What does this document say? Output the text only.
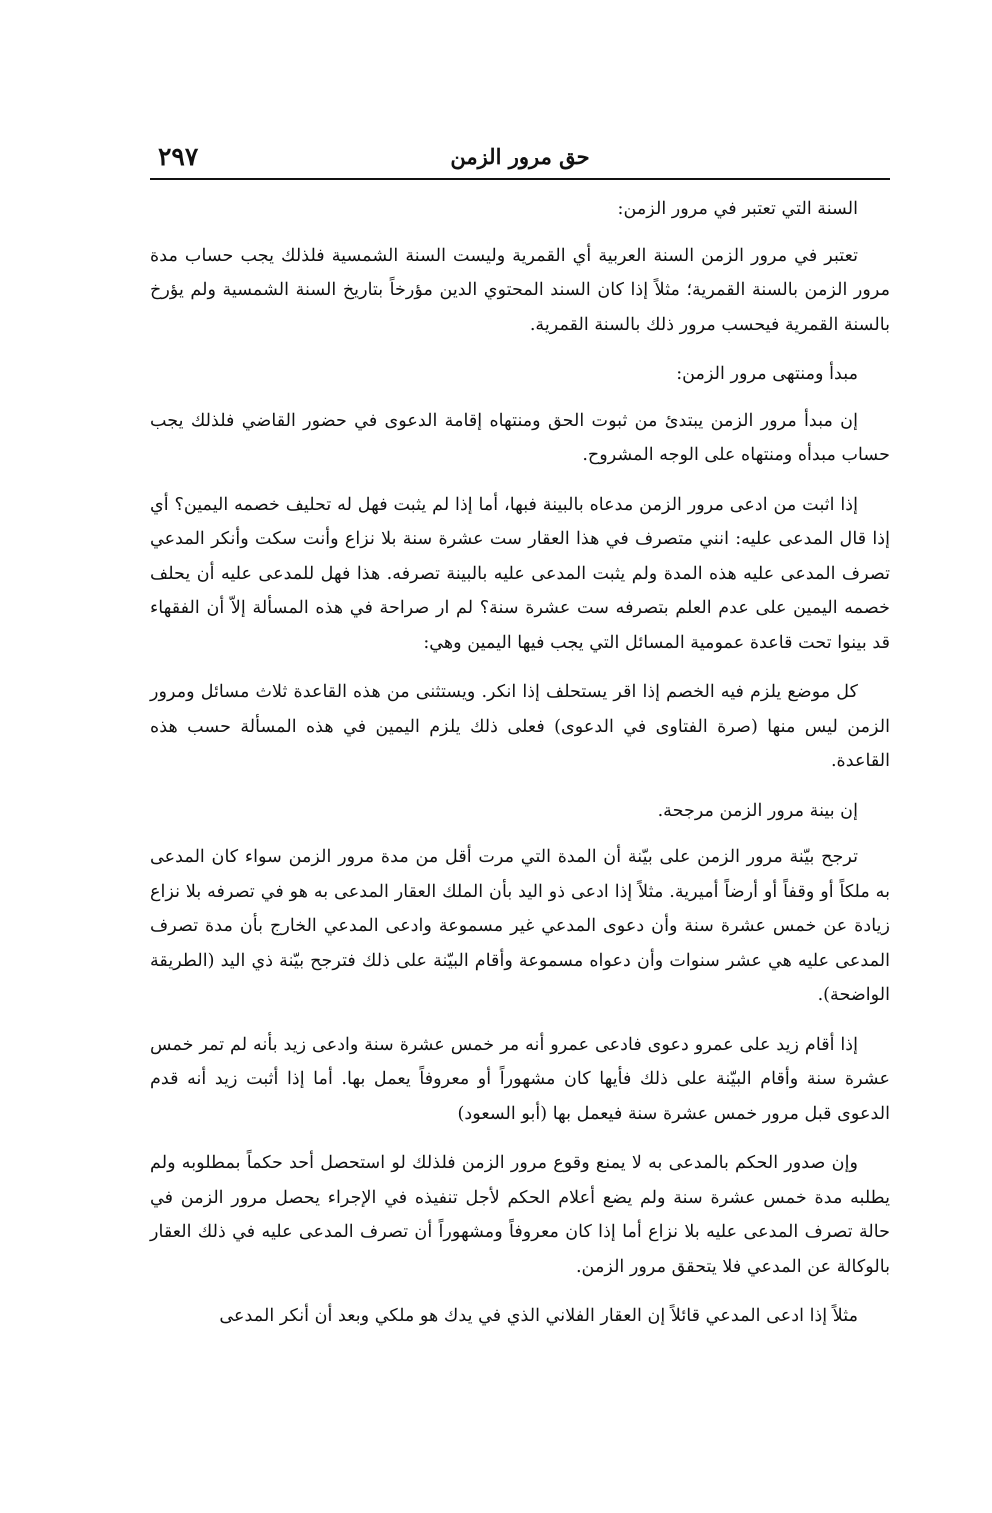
٢٩٧	حق مرور الزمن

السنة التي تعتبر في مرور الزمن:

تعتبر في مرور الزمن السنة العربية أي القمرية وليست السنة الشمسية فلذلك يجب حساب مدة مرور الزمن بالسنة القمرية؛ مثلاً إذا كان السند المحتوي الدين مؤرخاً بتاريخ السنة الشمسية ولم يؤرخ بالسنة القمرية فيحسب مرور ذلك بالسنة القمرية.

مبدأ ومنتهى مرور الزمن:

إن مبدأ مرور الزمن يبتدئ من ثبوت الحق ومنتهاه إقامة الدعوى في حضور القاضي فلذلك يجب حساب مبدأه ومنتهاه على الوجه المشروح.

إذا اثبت من ادعى مرور الزمن مدعاه بالبينة فبها، أما إذا لم يثبت فهل له تحليف خصمه اليمين؟ أي إذا قال المدعى عليه: انني متصرف في هذا العقار ست عشرة سنة بلا نزاع وأنت سكت وأنكر المدعي تصرف المدعى عليه هذه المدة ولم يثبت المدعى عليه بالبينة تصرفه. هذا فهل للمدعى عليه أن يحلف خصمه اليمين على عدم العلم بتصرفه ست عشرة سنة؟ لم ار صراحة في هذه المسألة إلاّ أن الفقهاء قد بينوا تحت قاعدة عمومية المسائل التي يجب فيها اليمين وهي:

كل موضع يلزم فيه الخصم إذا اقر يستحلف إذا انكر. ويستثنى من هذه القاعدة ثلاث مسائل ومرور الزمن ليس منها (صرة الفتاوى في الدعوى) فعلى ذلك يلزم اليمين في هذه المسألة حسب هذه القاعدة.

إن بينة مرور الزمن مرجحة.

ترجح بيّنة مرور الزمن على بيّنة أن المدة التي مرت أقل من مدة مرور الزمن سواء كان المدعى به ملكاً أو وقفاً أو أرضاً أميرية. مثلاً إذا ادعى ذو اليد بأن الملك العقار المدعى به هو في تصرفه بلا نزاع زيادة عن خمس عشرة سنة وأن دعوى المدعي غير مسموعة وادعى المدعي الخارج بأن مدة تصرف المدعى عليه هي عشر سنوات وأن دعواه مسموعة وأقام البيّنة على ذلك فترجح بيّنة ذي اليد (الطريقة الواضحة).

إذا أقام زيد على عمرو دعوى فادعى عمرو أنه مر خمس عشرة سنة وادعى زيد بأنه لم تمر خمس عشرة سنة وأقام البيّنة على ذلك فأيها كان مشهوراً أو معروفاً يعمل بها. أما إذا أثبت زيد أنه قدم الدعوى قبل مرور خمس عشرة سنة فيعمل بها (أبو السعود)

وإن صدور الحكم بالمدعى به لا يمنع وقوع مرور الزمن فلذلك لو استحصل أحد حكماً بمطلوبه ولم يطلبه مدة خمس عشرة سنة ولم يضع أعلام الحكم لأجل تنفيذه في الإجراء يحصل مرور الزمن في حالة تصرف المدعى عليه بلا نزاع أما إذا كان معروفاً ومشهوراً أن تصرف المدعى عليه في ذلك العقار بالوكالة عن المدعي فلا يتحقق مرور الزمن.

مثلاً إذا ادعى المدعي قائلاً إن العقار الفلاني الذي في يدك هو ملكي وبعد أن أنكر المدعى
